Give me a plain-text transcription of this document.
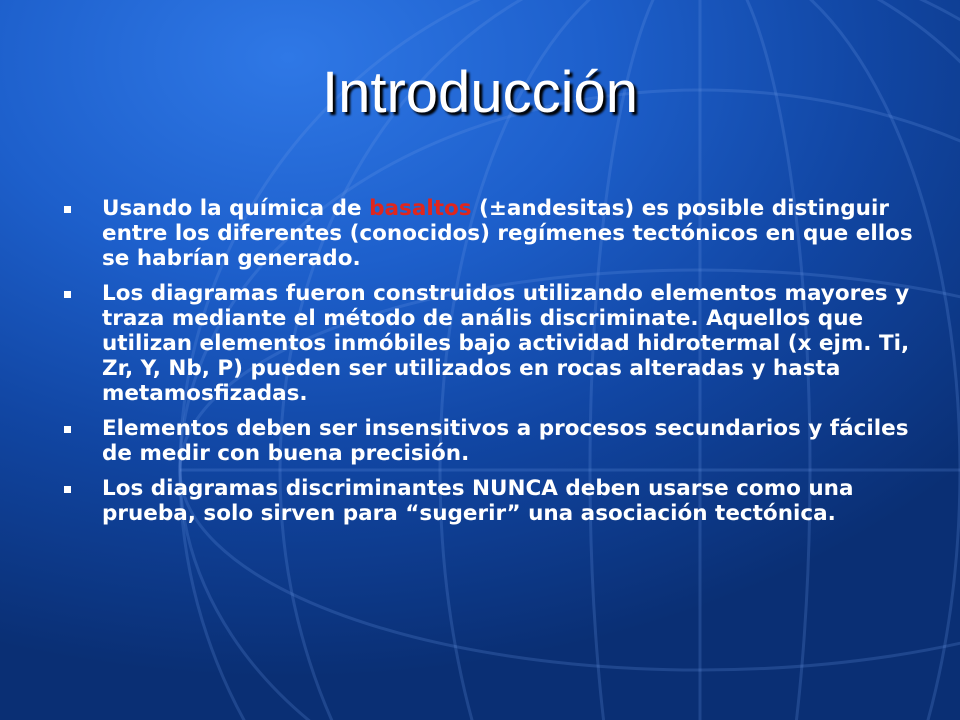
Introducción
Usando la química de basaltos (±andesitas) es posible distinguir entre los diferentes (conocidos) regímenes tectónicos en que ellos se habrían generado.
Los diagramas fueron construidos utilizando elementos mayores y traza mediante el método de anális discriminate. Aquellos que utilizan elementos inmóbiles bajo actividad hidrotermal (x ejm. Ti, Zr, Y, Nb, P) pueden ser utilizados en rocas alteradas y hasta metamosfizadas.
Elementos deben ser insensitivos a procesos secundarios y fáciles de medir con buena precisión.
Los diagramas discriminantes NUNCA deben usarse como una prueba, solo sirven para “sugerir” una asociación tectónica.
